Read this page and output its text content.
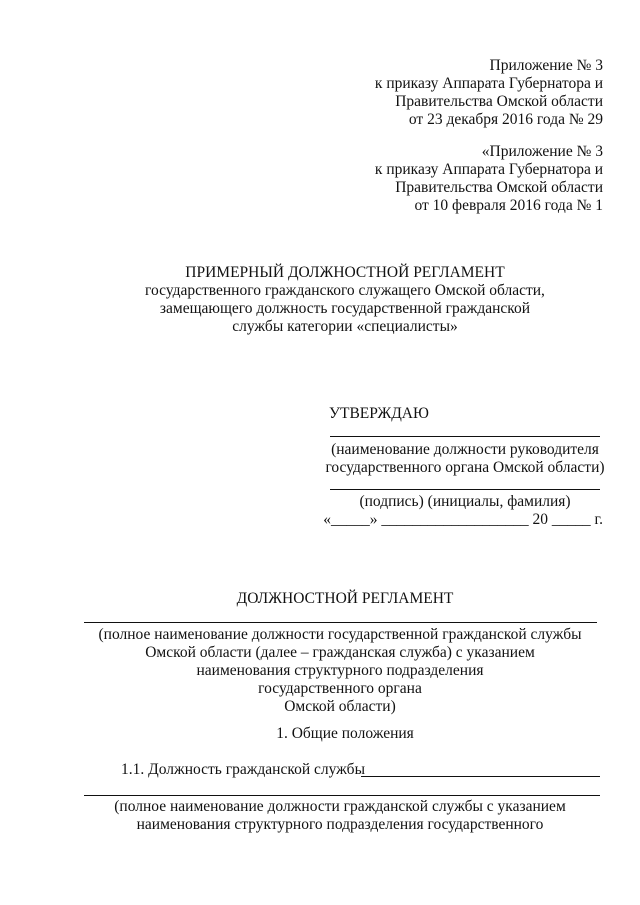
Приложение № 3
к приказу Аппарата Губернатора и
Правительства Омской области
от 23 декабря 2016 года № 29
«Приложение № 3
к приказу Аппарата Губернатора и
Правительства Омской области
от 10 февраля 2016 года № 1
ПРИМЕРНЫЙ ДОЛЖНОСТНОЙ РЕГЛАМЕНТ
государственного гражданского служащего Омской области,
замещающего должность государственной гражданской
службы категории «специалисты»
УТВЕРЖДАЮ
(наименование должности руководителя
государственного органа Омской области)
(подпись) (инициалы, фамилия)
«_____» ___________________ 20 _____ г.
ДОЛЖНОСТНОЙ РЕГЛАМЕНТ
(полное наименование должности государственной гражданской службы
Омской области (далее – гражданская служба) с указанием
наименования структурного подразделения
государственного органа
Омской области)
1. Общие положения
1.1. Должность гражданской службы
(полное наименование должности гражданской службы с указанием
наименования структурного подразделения государственного
